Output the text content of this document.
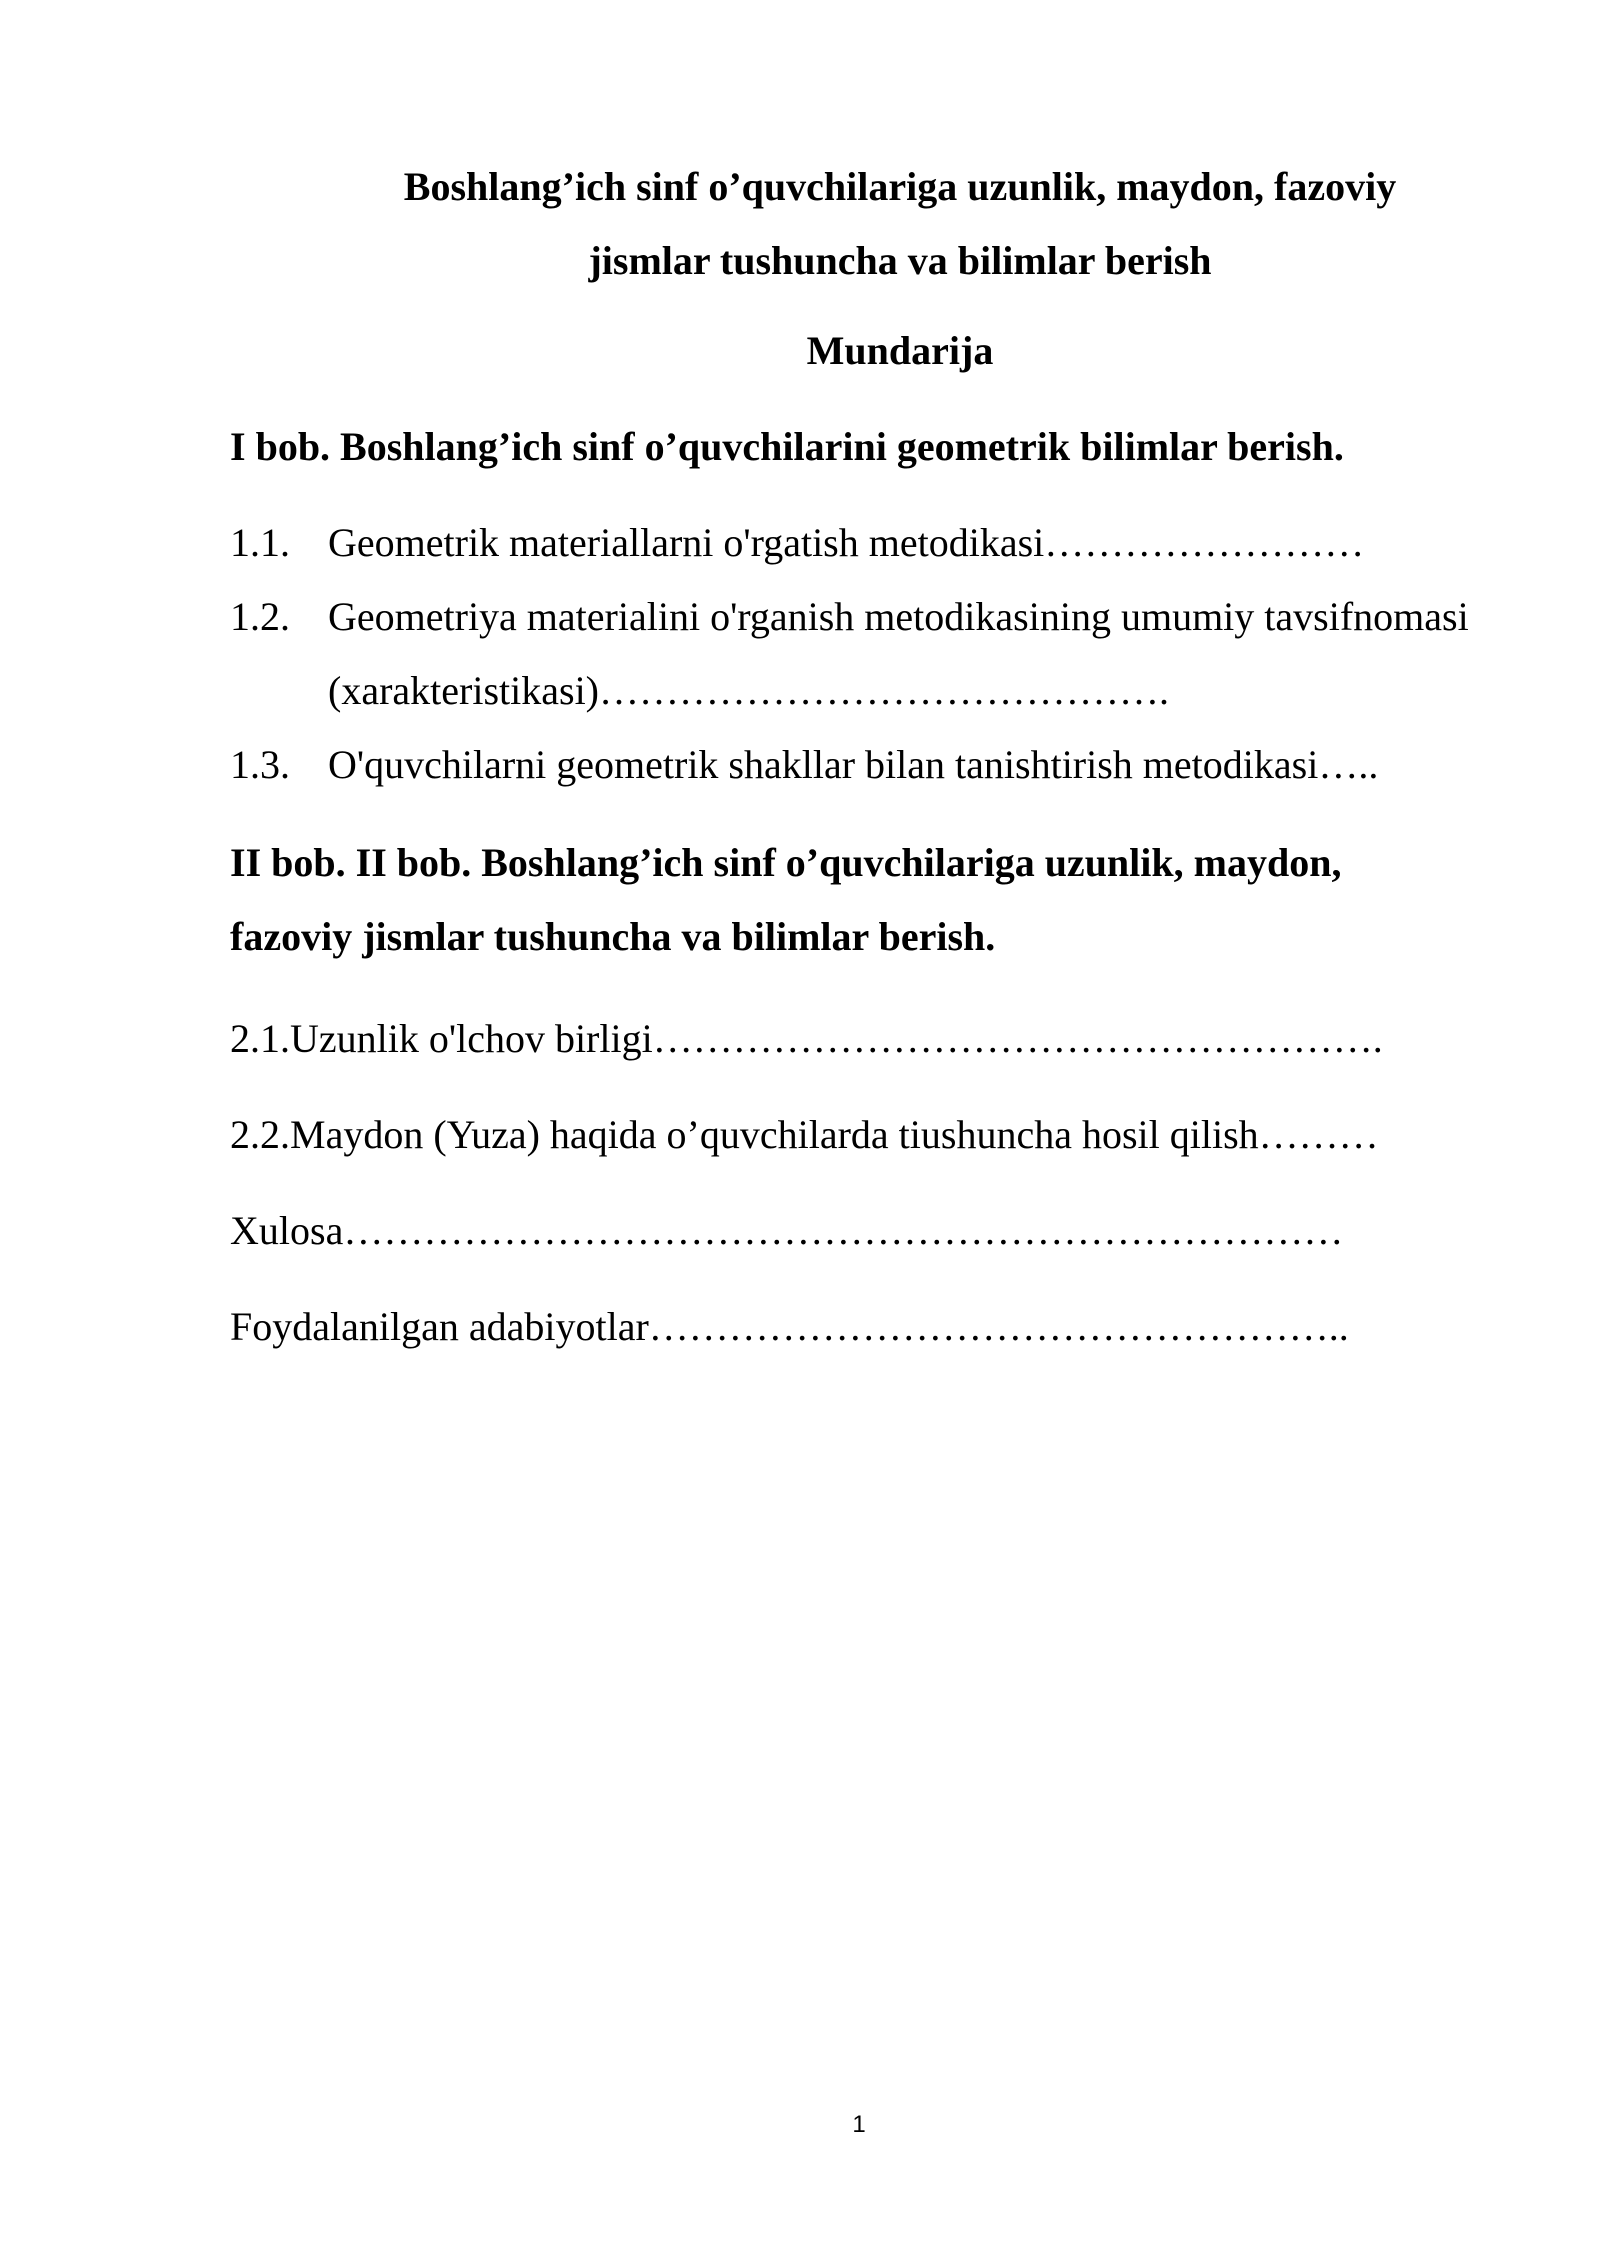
Boshlang’ich sinf o’quvchilariga uzunlik, maydon, fazoviy
jismlar tushuncha va bilimlar berish
Mundarija
I bob. Boshlang’ich sinf o’quvchilarini geometrik bilimlar berish.
1.1. Geometrik materiallarni o'rgatish metodikasi……………………
1.2. Geometriya materialini o'rganish metodikasining umumiy tavsifnomasi (xarakteristikasi)…………………………………….
1.3. O'quvchilarni geometrik shakllar bilan tanishtirish metodikasi…..
II bob. II bob. Boshlang’ich sinf o’quvchilariga uzunlik, maydon, fazoviy jismlar tushuncha va bilimlar berish.
2.1.Uzunlik o'lchov birligi……………………………………………….
2.2.Maydon (Yuza) haqida o’quvchilarda tiushuncha hosil qilish………
Xulosa…………………………………………………………………
Foydalanilgan adabiyotlar……………………………………………..
1
